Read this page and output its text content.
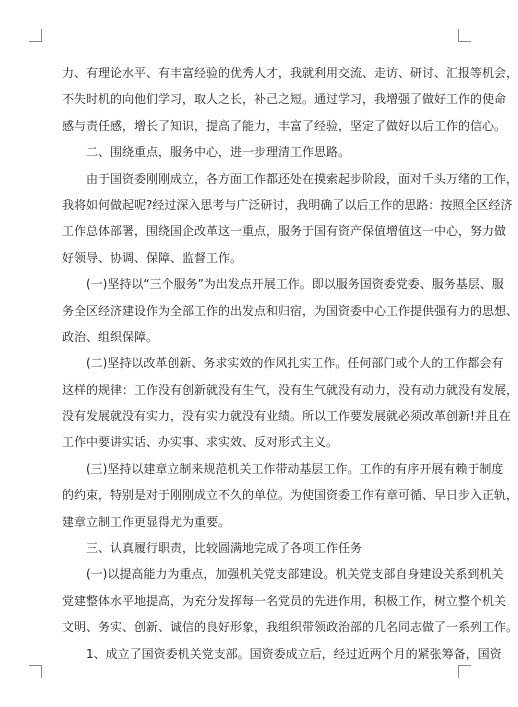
力、有理论水平、有丰富经验的优秀人才，我就利用交流、走访、研讨、汇报等机会，
不失时机的向他们学习，取人之长，补己之短。通过学习，我增强了做好工作的使命
感与责任感，增长了知识，提高了能力，丰富了经验，坚定了做好以后工作的信心。
二、围绕重点，服务中心，进一步理清工作思路。
由于国资委刚刚成立，各方面工作都还处在摸索起步阶段，面对千头万绪的工作，
我将如何做起呢?经过深入思考与广泛研讨，我明确了以后工作的思路：按照全区经济
工作总体部署，围绕国企改革这一重点，服务于国有资产保值增值这一中心，努力做
好领导、协调、保障、监督工作。
(一)坚持以“三个服务”为出发点开展工作。即以服务国资委党委、服务基层、服
务全区经济建设作为全部工作的出发点和归宿，为国资委中心工作提供强有力的思想、
政治、组织保障。
(二)坚持以改革创新、务求实效的作风扎实工作。任何部门或个人的工作都会有
这样的规律：工作没有创新就没有生气，没有生气就没有动力，没有动力就没有发展，
没有发展就没有实力，没有实力就没有业绩。所以工作要发展就必须改革创新!并且在
工作中要讲实话、办实事、求实效、反对形式主义。
(三)坚持以建章立制来规范机关工作带动基层工作。工作的有序开展有赖于制度
的约束，特别是对于刚刚成立不久的单位。为使国资委工作有章可循、早日步入正轨，
建章立制工作更显得尤为重要。
三、认真履行职责，比较圆满地完成了各项工作任务
(一)以提高能力为重点，加强机关党支部建设。机关党支部自身建设关系到机关
党建整体水平地提高，为充分发挥每一名党员的先进作用，积极工作，树立整个机关
文明、务实、创新、诚信的良好形象，我组织带领政治部的几名同志做了一系列工作。
1、成立了国资委机关党支部。国资委成立后，经过近两个月的紧张筹备，国资
